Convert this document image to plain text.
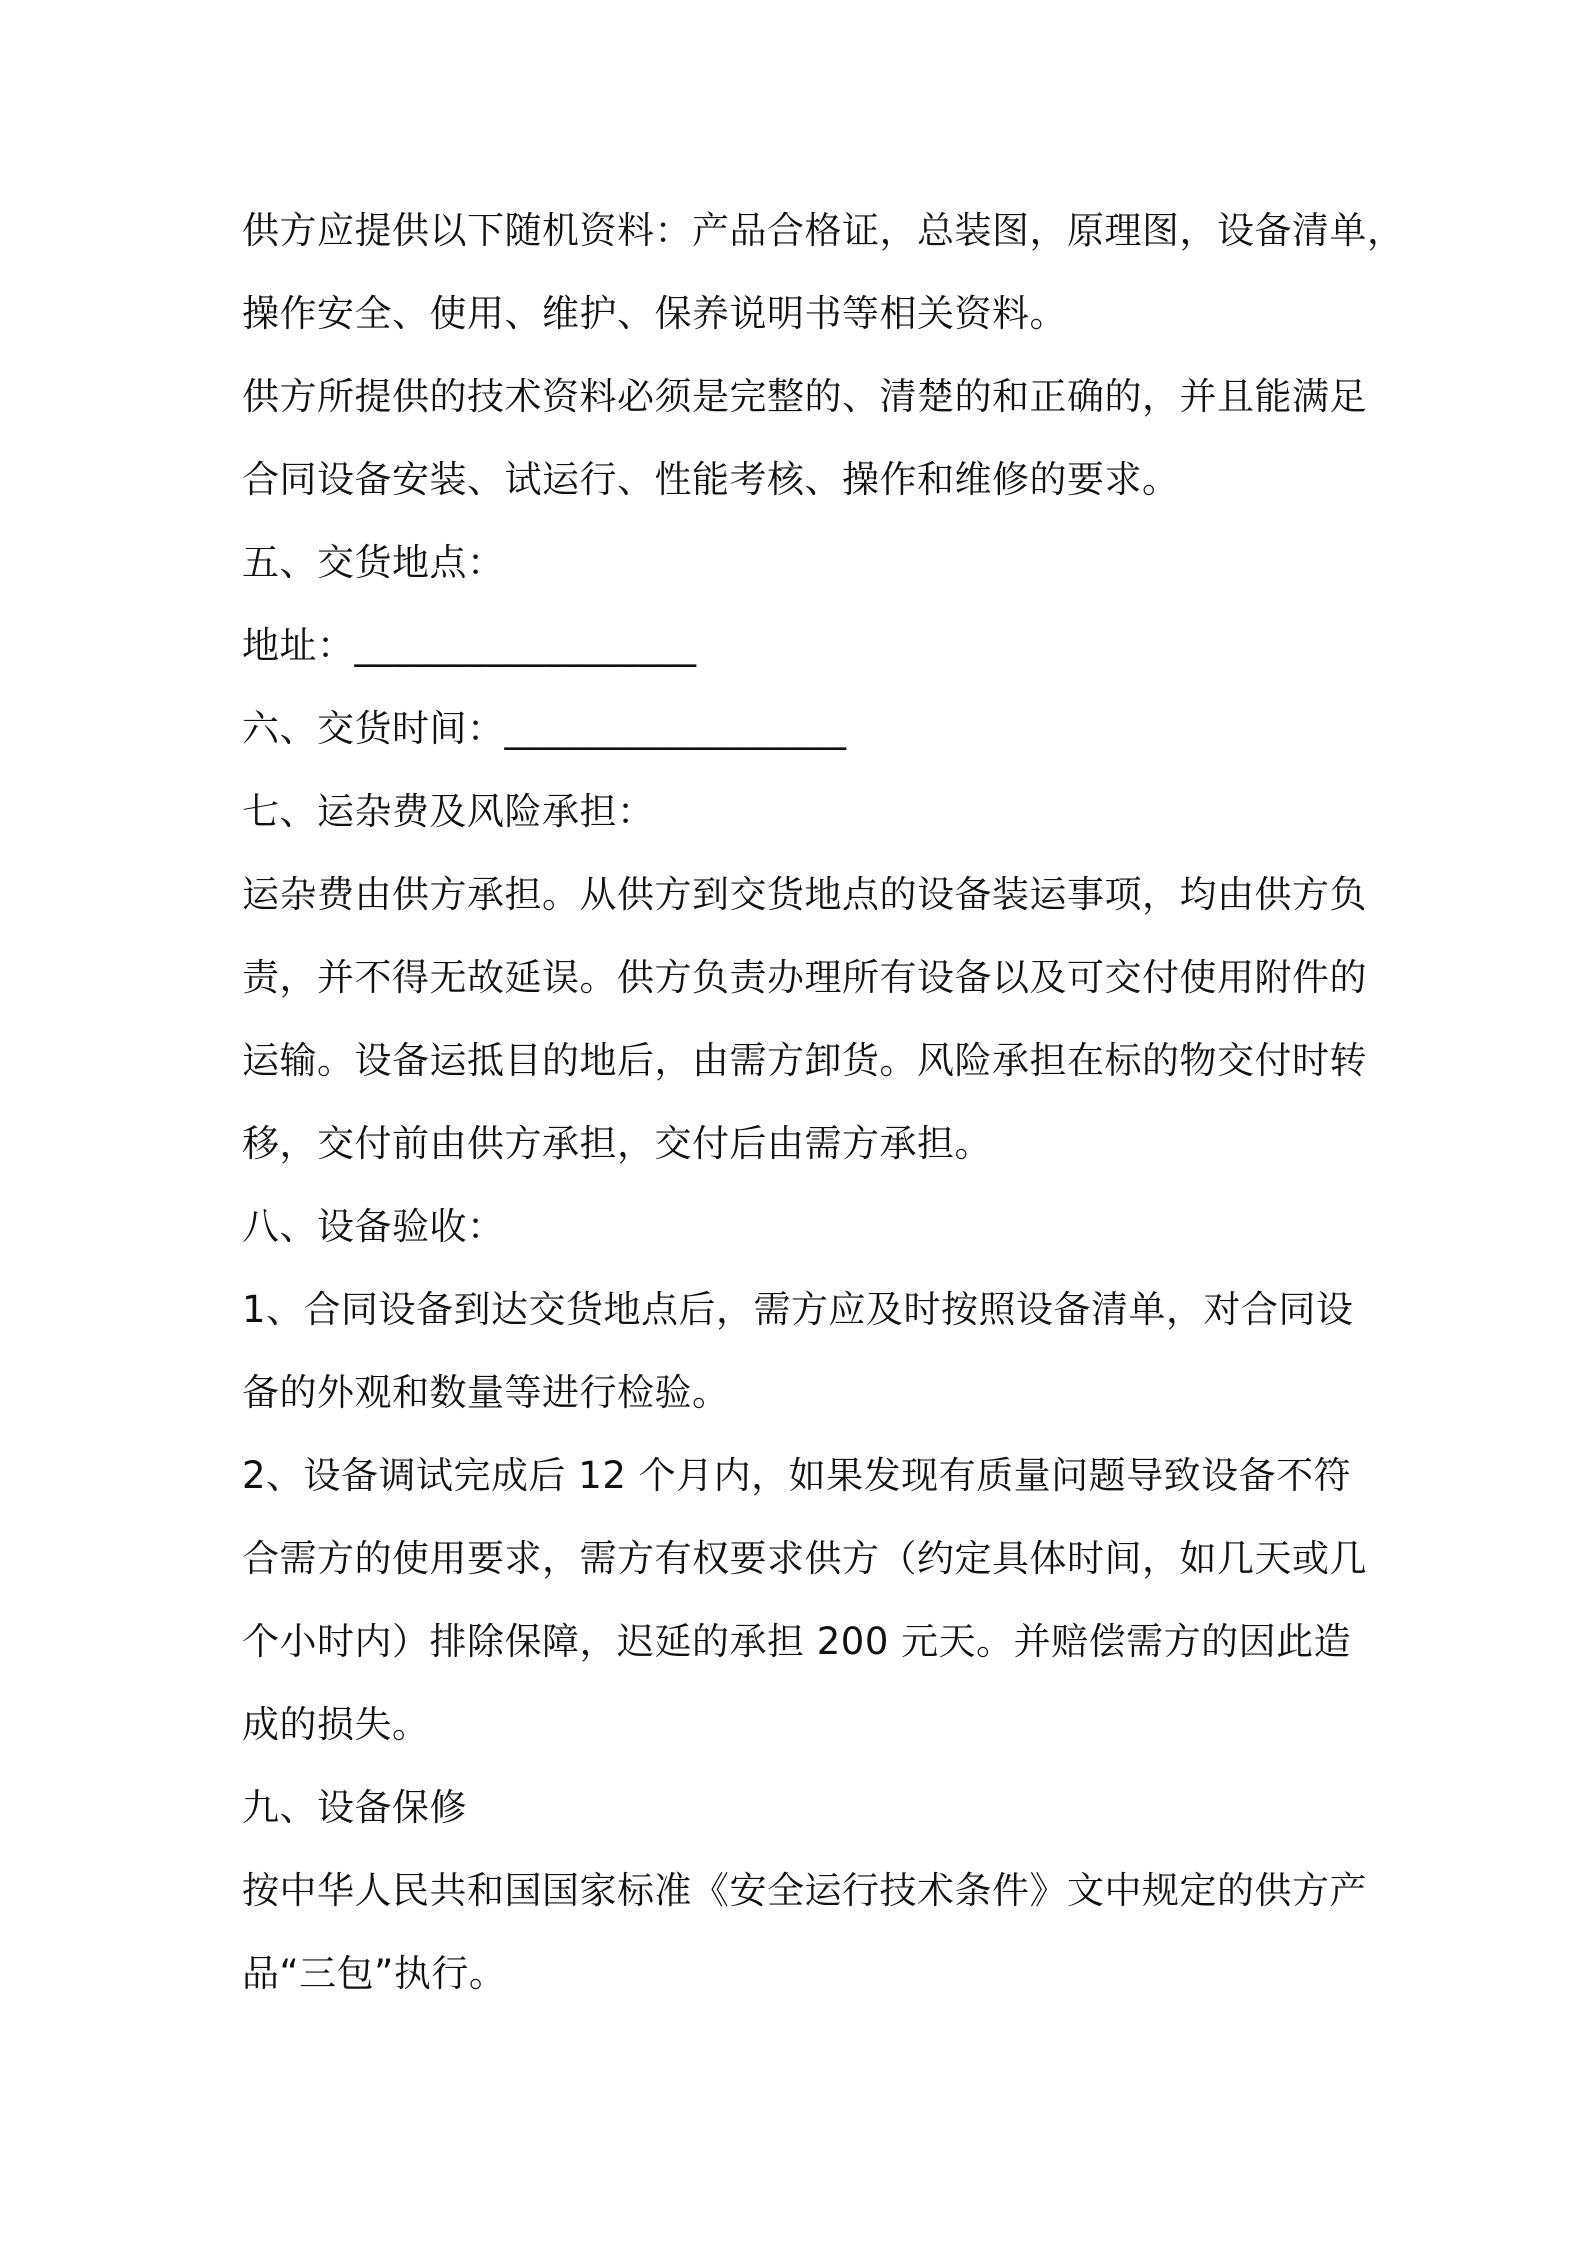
供方应提供以下随机资料：产品合格证，总装图，原理图，设备清单，
操作安全、使用、维护、保养说明书等相关资料。
供方所提供的技术资料必须是完整的、清楚的和正确的，并且能满足
合同设备安装、试运行、性能考核、操作和维修的要求。
五、交货地点：
地址：__________________
六、交货时间：__________________
七、运杂费及风险承担：
运杂费由供方承担。从供方到交货地点的设备装运事项，均由供方负
责，并不得无故延误。供方负责办理所有设备以及可交付使用附件的
运输。设备运抵目的地后，由需方卸货。风险承担在标的物交付时转
移，交付前由供方承担，交付后由需方承担。
八、设备验收：
1、合同设备到达交货地点后，需方应及时按照设备清单，对合同设
备的外观和数量等进行检验。
2、设备调试完成后 12 个月内，如果发现有质量问题导致设备不符
合需方的使用要求，需方有权要求供方（约定具体时间，如几天或几
个小时内）排除保障，迟延的承担 200 元天。并赔偿需方的因此造
成的损失。
九、设备保修
按中华人民共和国国家标准《安全运行技术条件》文中规定的供方产
品“三包”执行。
